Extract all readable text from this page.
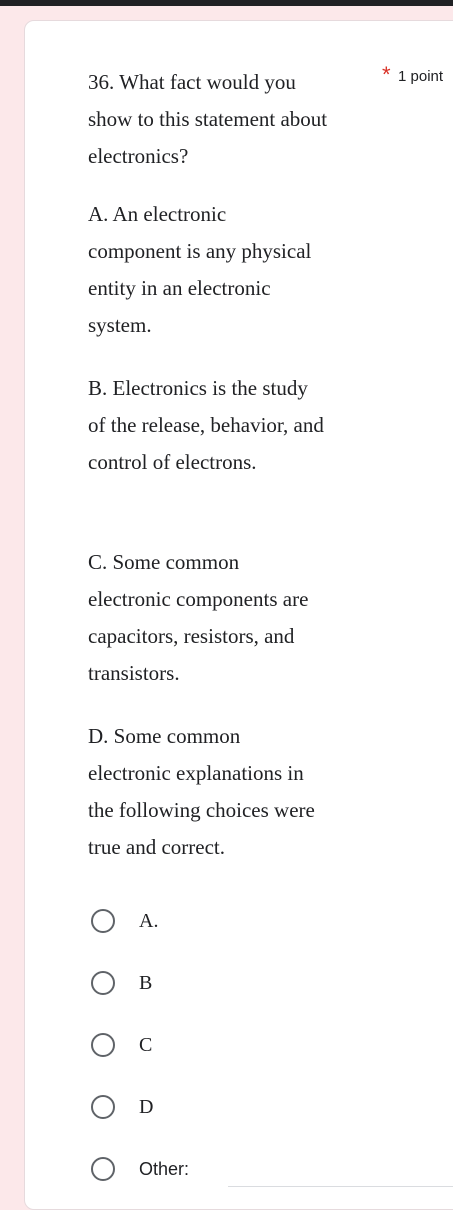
36. What fact would you
show to this statement about
electronics?

* 1 point

A. An electronic
component is any physical
entity in an electronic
system.

B. Electronics is the study
of the release, behavior, and
control of electrons.

C. Some common
electronic components are
capacitors, resistors, and
transistors.

D. Some common
electronic explanations in
the following choices were
true and correct.

A.
B
C
D
Other:
